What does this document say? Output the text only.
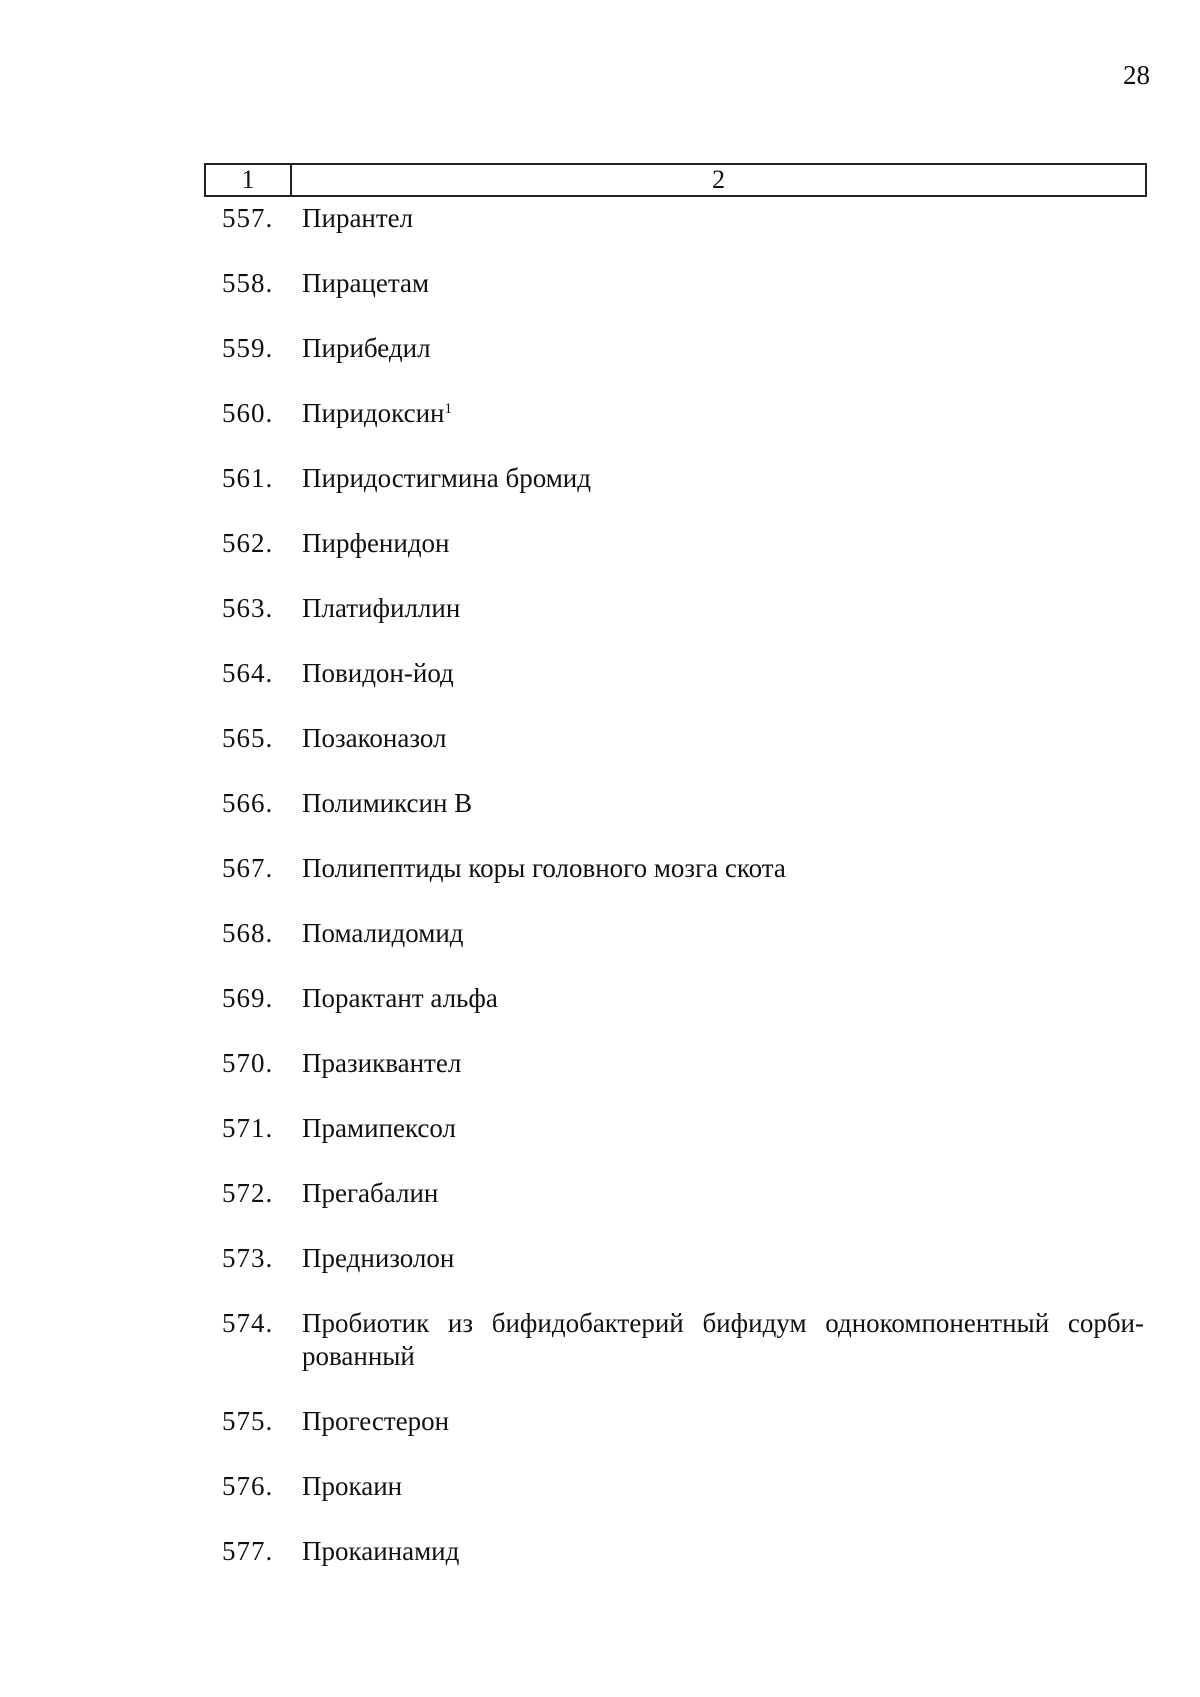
28
1	2
557. Пирантел
558. Пирацетам
559. Пирибедил
560. Пиридоксин$^1$
561. Пиридостигмина бромид
562. Пирфенидон
563. Платифиллин
564. Повидон-йод
565. Позаконазол
566. Полимиксин В
567. Полипептиды коры головного мозга скота
568. Помалидомид
569. Порактант альфа
570. Празиквантел
571. Прамипексол
572. Прегабалин
573. Преднизолон
574. Пробиотик из бифидобактерий бифидум однокомпонентный сорби-рованный
575. Прогестерон
576. Прокаин
577. Прокаинамид
